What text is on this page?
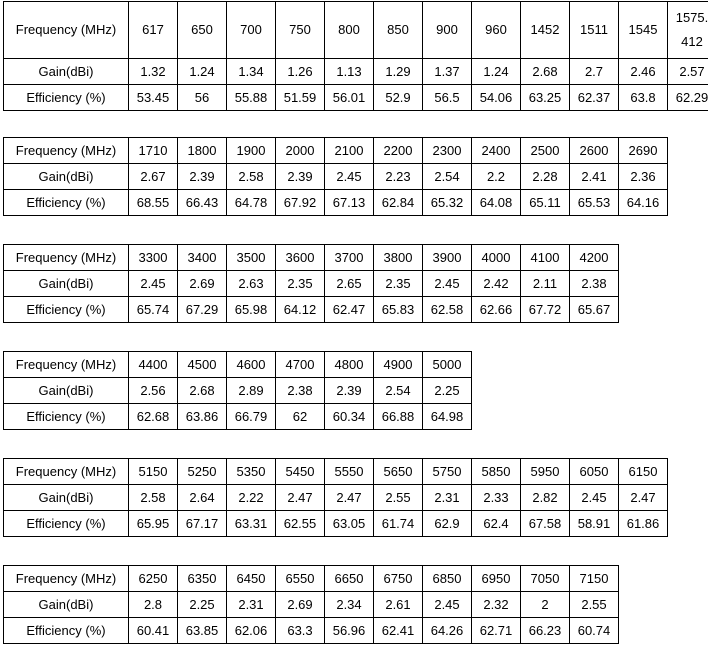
Frequency (MHz)	617	650	700	750	800	850	900	960	1452	1511	1545	1575.
412
Gain(dBi)	1.32	1.24	1.34	1.26	1.13	1.29	1.37	1.24	2.68	2.7	2.46	2.57
Efficiency (%)	53.45	56	55.88	51.59	56.01	52.9	56.5	54.06	63.25	62.37	63.8	62.29
Frequency (MHz)	1710	1800	1900	2000	2100	2200	2300	2400	2500	2600	2690
Gain(dBi)	2.67	2.39	2.58	2.39	2.45	2.23	2.54	2.2	2.28	2.41	2.36
Efficiency (%)	68.55	66.43	64.78	67.92	67.13	62.84	65.32	64.08	65.11	65.53	64.16
Frequency (MHz)	3300	3400	3500	3600	3700	3800	3900	4000	4100	4200
Gain(dBi)	2.45	2.69	2.63	2.35	2.65	2.35	2.45	2.42	2.11	2.38
Efficiency (%)	65.74	67.29	65.98	64.12	62.47	65.83	62.58	62.66	67.72	65.67
Frequency (MHz)	4400	4500	4600	4700	4800	4900	5000
Gain(dBi)	2.56	2.68	2.89	2.38	2.39	2.54	2.25
Efficiency (%)	62.68	63.86	66.79	62	60.34	66.88	64.98
Frequency (MHz)	5150	5250	5350	5450	5550	5650	5750	5850	5950	6050	6150
Gain(dBi)	2.58	2.64	2.22	2.47	2.47	2.55	2.31	2.33	2.82	2.45	2.47
Efficiency (%)	65.95	67.17	63.31	62.55	63.05	61.74	62.9	62.4	67.58	58.91	61.86
Frequency (MHz)	6250	6350	6450	6550	6650	6750	6850	6950	7050	7150
Gain(dBi)	2.8	2.25	2.31	2.69	2.34	2.61	2.45	2.32	2	2.55
Efficiency (%)	60.41	63.85	62.06	63.3	56.96	62.41	64.26	62.71	66.23	60.74
